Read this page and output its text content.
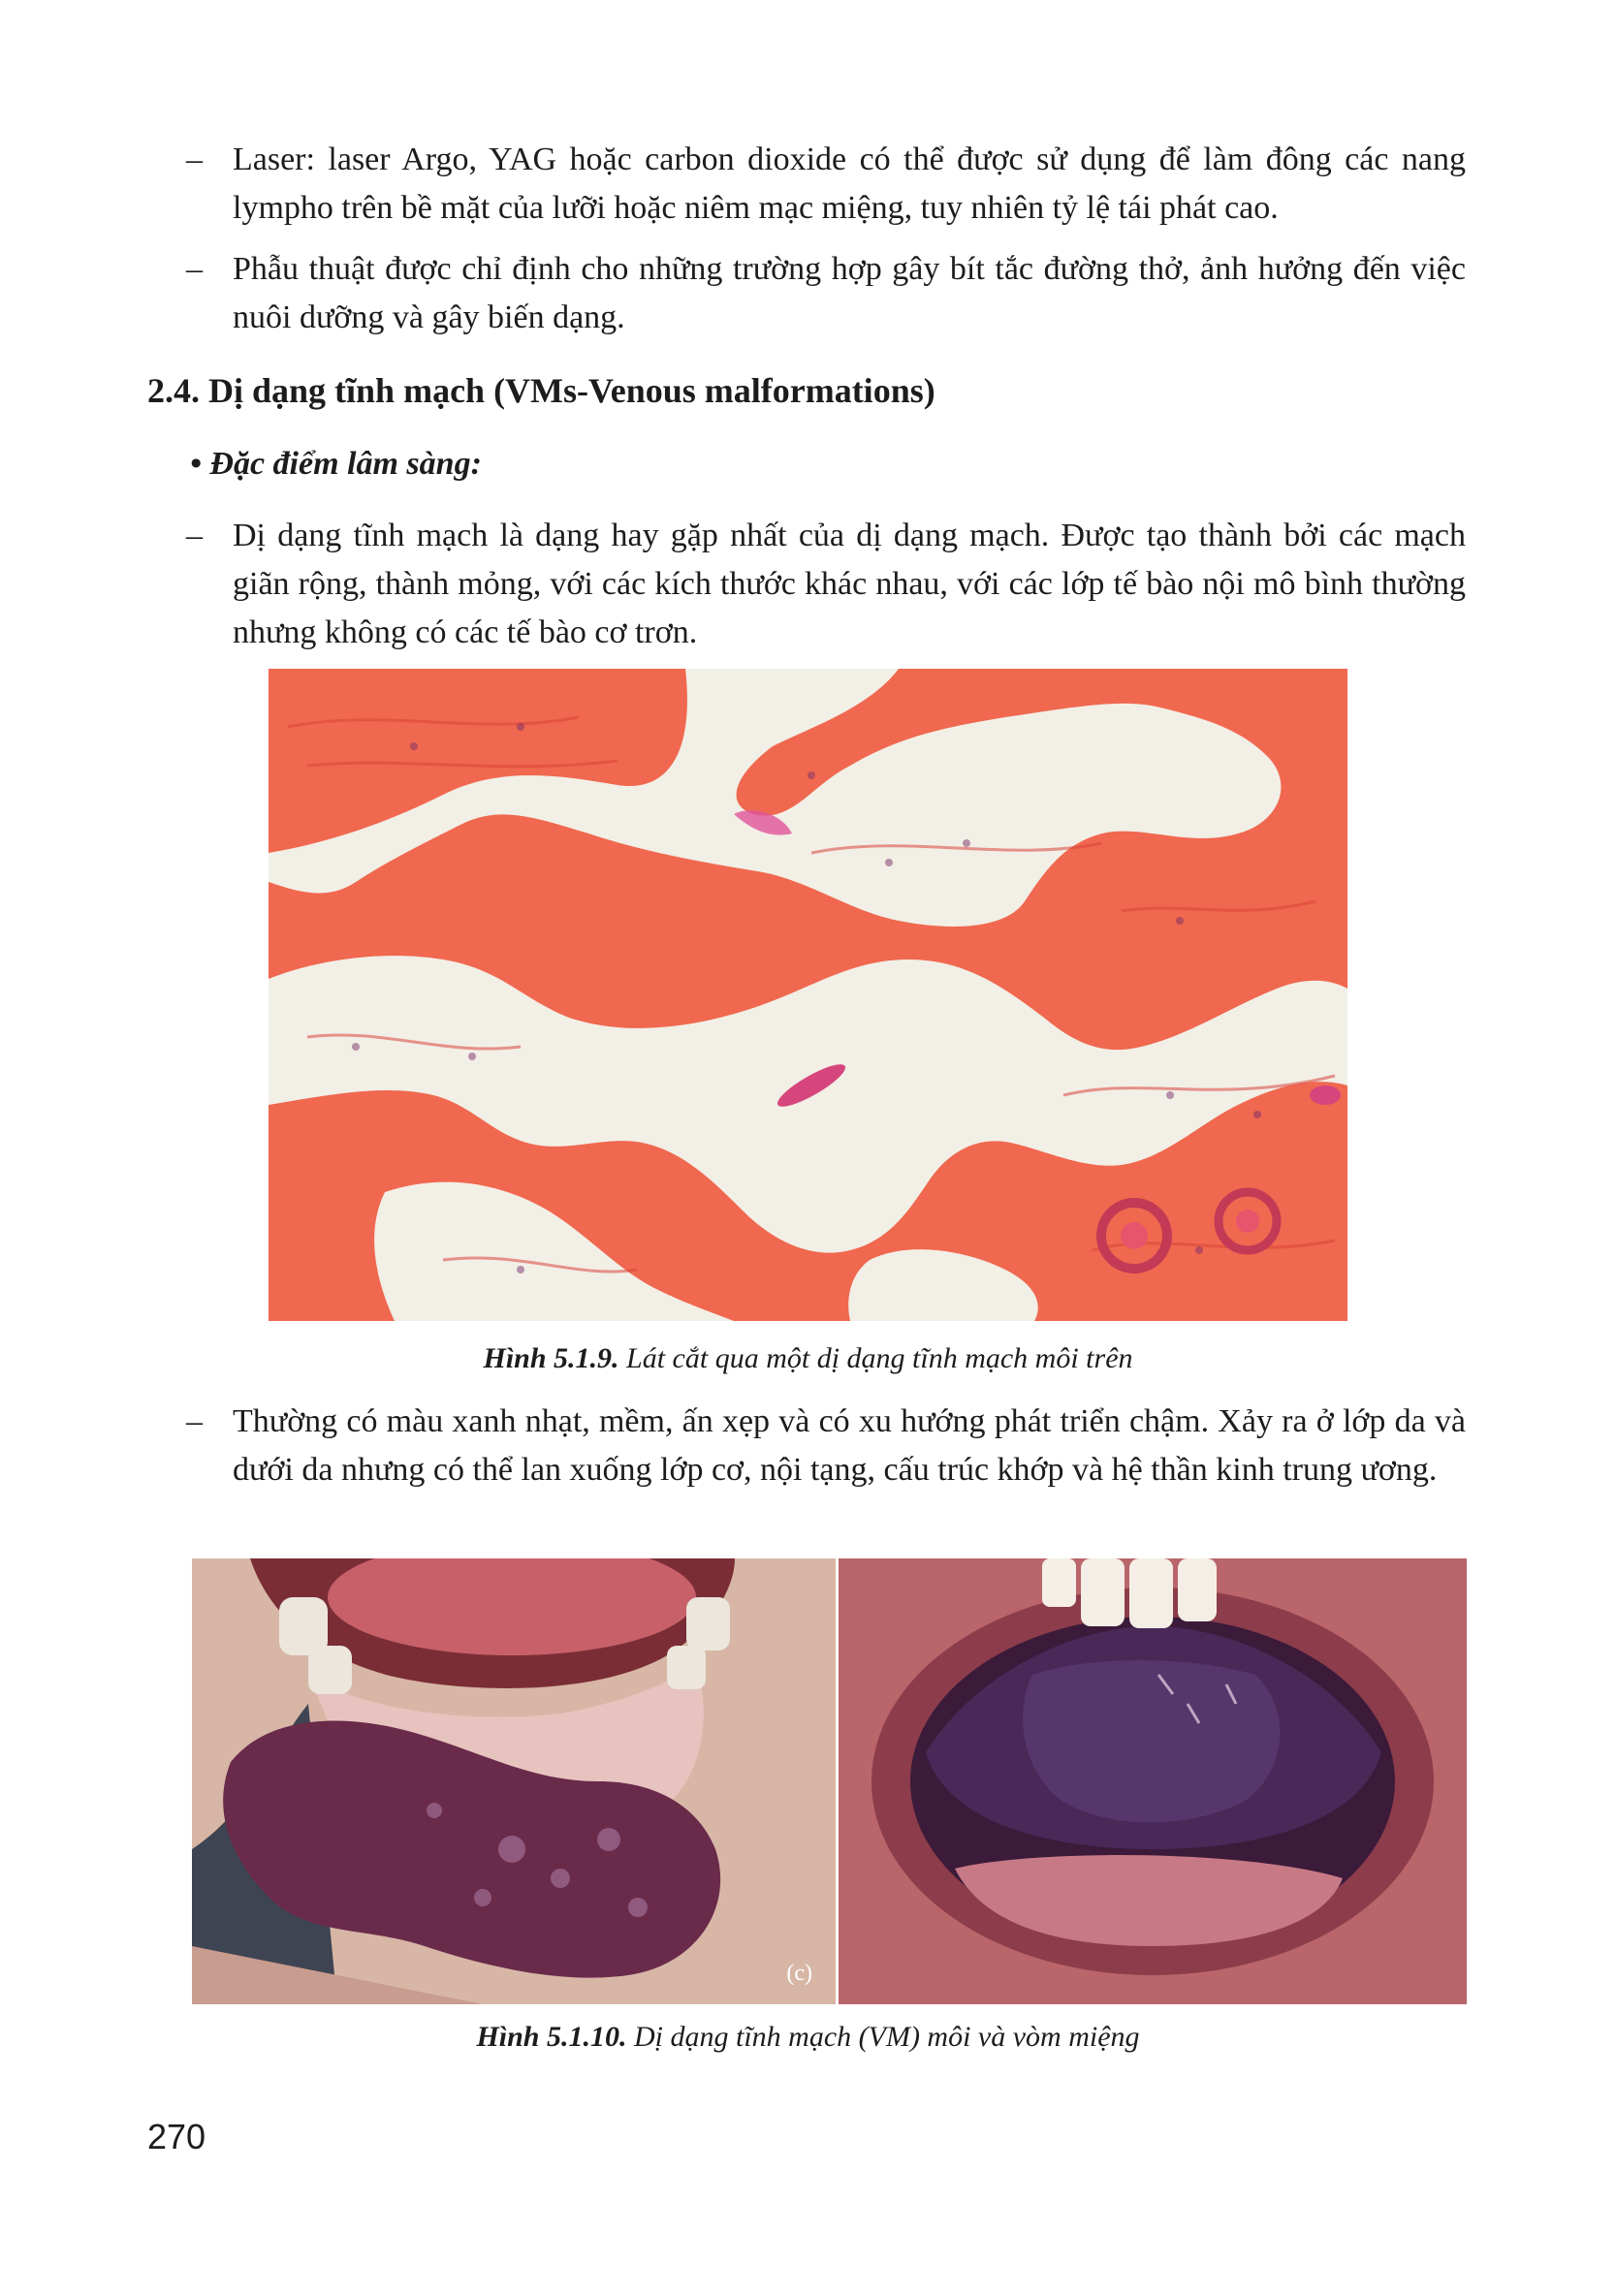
– Laser: laser Argo, YAG hoặc carbon dioxide có thể được sử dụng để làm đông các nang lympho trên bề mặt của lưỡi hoặc niêm mạc miệng, tuy nhiên tỷ lệ tái phát cao.
– Phẫu thuật được chỉ định cho những trường hợp gây bít tắc đường thở, ảnh hưởng đến việc nuôi dưỡng và gây biến dạng.
2.4. Dị dạng tĩnh mạch (VMs-Venous malformations)
• Đặc điểm lâm sàng:
– Dị dạng tĩnh mạch là dạng hay gặp nhất của dị dạng mạch. Được tạo thành bởi các mạch giãn rộng, thành mỏng, với các kích thước khác nhau, với các lớp tế bào nội mô bình thường nhưng không có các tế bào cơ trơn.
Hình 5.1.9. Lát cắt qua một dị dạng tĩnh mạch môi trên
– Thường có màu xanh nhạt, mềm, ấn xẹp và có xu hướng phát triển chậm. Xảy ra ở lớp da và dưới da nhưng có thể lan xuống lớp cơ, nội tạng, cấu trúc khớp và hệ thần kinh trung ương.
(c)
Hình 5.1.10. Dị dạng tĩnh mạch (VM) môi và vòm miệng
270
